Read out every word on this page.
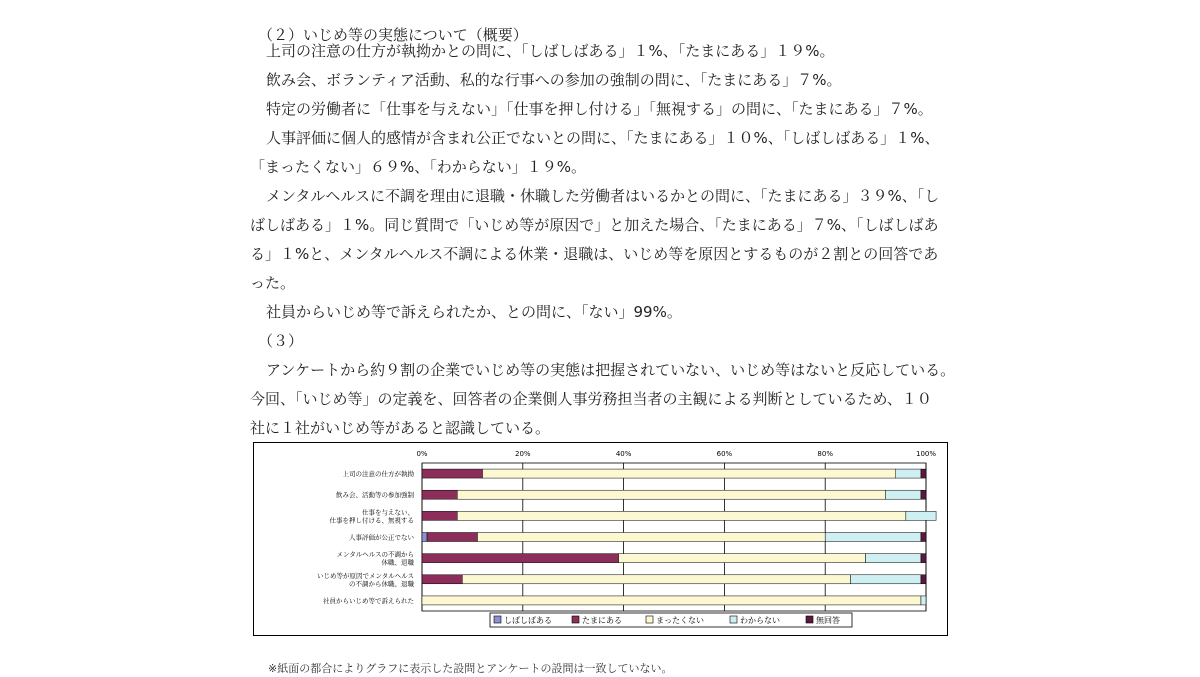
（２）いじめ等の実態について（概要）

上司の注意の仕方が執拗かとの問に、「しばしばある」１%、「たまにある」１９%。

飲み会、ボランティア活動、私的な行事への参加の強制の問に、「たまにある」７%。

特定の労働者に「仕事を与えない」「仕事を押し付ける」「無視する」の問に、「たまにある」７%。

人事評価に個人的感情が含まれ公正でないとの問に、「たまにある」１０%、「しばしばある」１%、

「まったくない」６９%、「わからない」１９%。

メンタルヘルスに不調を理由に退職・休職した労働者はいるかとの問に、「たまにある」３９%、「し

ばしばある」１%。同じ質問で「いじめ等が原因で」と加えた場合、「たまにある」７%、「しばしばあ

る」１%と、メンタルヘルス不調による休業・退職は、いじめ等を原因とするものが２割との回答であ

った。

社員からいじめ等で訴えられたか、との問に、「ない」99%。

（３）

アンケートから約９割の企業でいじめ等の実態は把握されていない、いじめ等はないと反応している。

今回、「いじめ等」の定義を、回答者の企業側人事労務担当者の主観による判断としているため、１０

社に１社がいじめ等があると認識している。

0%	20%	40%	60%	80%	100%
上司の注意の仕方が執拗
飲み会、活動等の参加強制
仕事を与えない、
仕事を押し付ける、無視する
人事評価が公正でない
メンタルヘルスの不調から
休職、退職
いじめ等が原因でメンタルヘルス
の不調から休職、退職
社員からいじめ等で訴えられた
しばしばある	たまにある	まったくない	わからない	無回答

※紙面の都合によりグラフに表示した設問とアンケートの設問は一致していない。
